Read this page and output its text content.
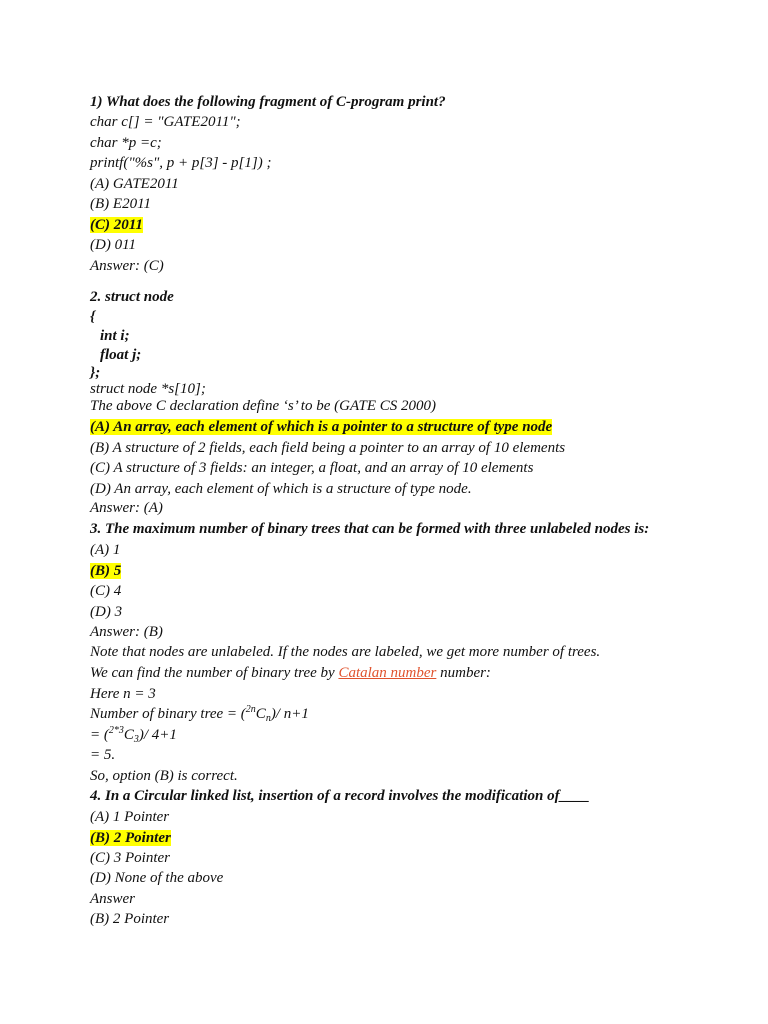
1) What does the following fragment of C-program print?
char c[] = "GATE2011";
char *p =c;
printf("%s", p + p[3] - p[1]) ;
(A) GATE2011
(B) E2011
(C) 2011
(D) 011
Answer: (C)
2. struct node
{
int i;
float j;
};
struct node *s[10];
The above C declaration define ‘s’ to be (GATE CS 2000)
(A) An array, each element of which is a pointer to a structure of type node
(B) A structure of 2 fields, each field being a pointer to an array of 10 elements
(C) A structure of 3 fields: an integer, a float, and an array of 10 elements
(D) An array, each element of which is a structure of type node.
Answer: (A)
3. The maximum number of binary trees that can be formed with three unlabeled nodes is:
(A) 1
(B) 5
(C) 4
(D) 3
Answer: (B)
Note that nodes are unlabeled. If the nodes are labeled, we get more number of trees.
We can find the number of binary tree by Catalan number number:
Here n = 3
Number of binary tree = $(^{2n}C_n)/$ n+1
= $(^{2*3}C_3)/$ 4+1
= 5.
So, option (B) is correct.
4. In a Circular linked list, insertion of a record involves the modification of____
(A) 1 Pointer
(B) 2 Pointer
(C) 3 Pointer
(D) None of the above
Answer
(B) 2 Pointer
